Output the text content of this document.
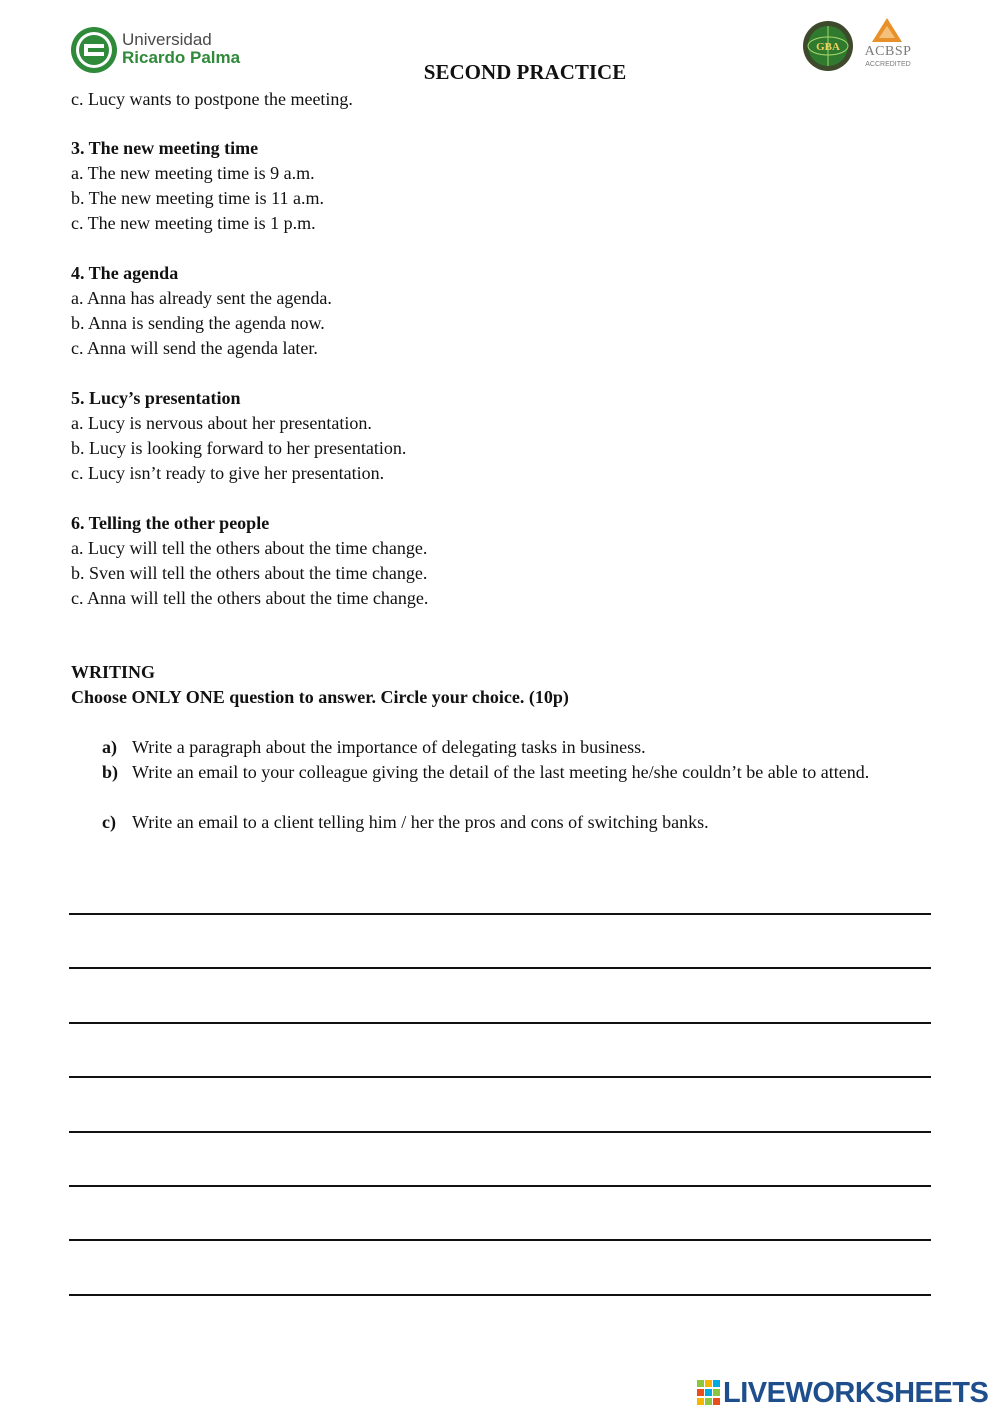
Universidad
Ricardo Palma
GBA ACBSP
ACCREDITED
SECOND PRACTICE
c. Lucy wants to postpone the meeting.
3. The new meeting time
a. The new meeting time is 9 a.m.
b. The new meeting time is 11 a.m.
c. The new meeting time is 1 p.m.
4. The agenda
a. Anna has already sent the agenda.
b. Anna is sending the agenda now.
c. Anna will send the agenda later.
5. Lucy’s presentation
a. Lucy is nervous about her presentation.
b. Lucy is looking forward to her presentation.
c. Lucy isn’t ready to give her presentation.
6. Telling the other people
a. Lucy will tell the others about the time change.
b. Sven will tell the others about the time change.
c. Anna will tell the others about the time change.
WRITING
Choose ONLY ONE question to answer. Circle your choice. (10p)
a) Write a paragraph about the importance of delegating tasks in business.
b) Write an email to your colleague giving the detail of the last meeting he/she couldn’t be able to attend.
c) Write an email to a client telling him / her the pros and cons of switching banks.
LIVEWORKSHEETS
